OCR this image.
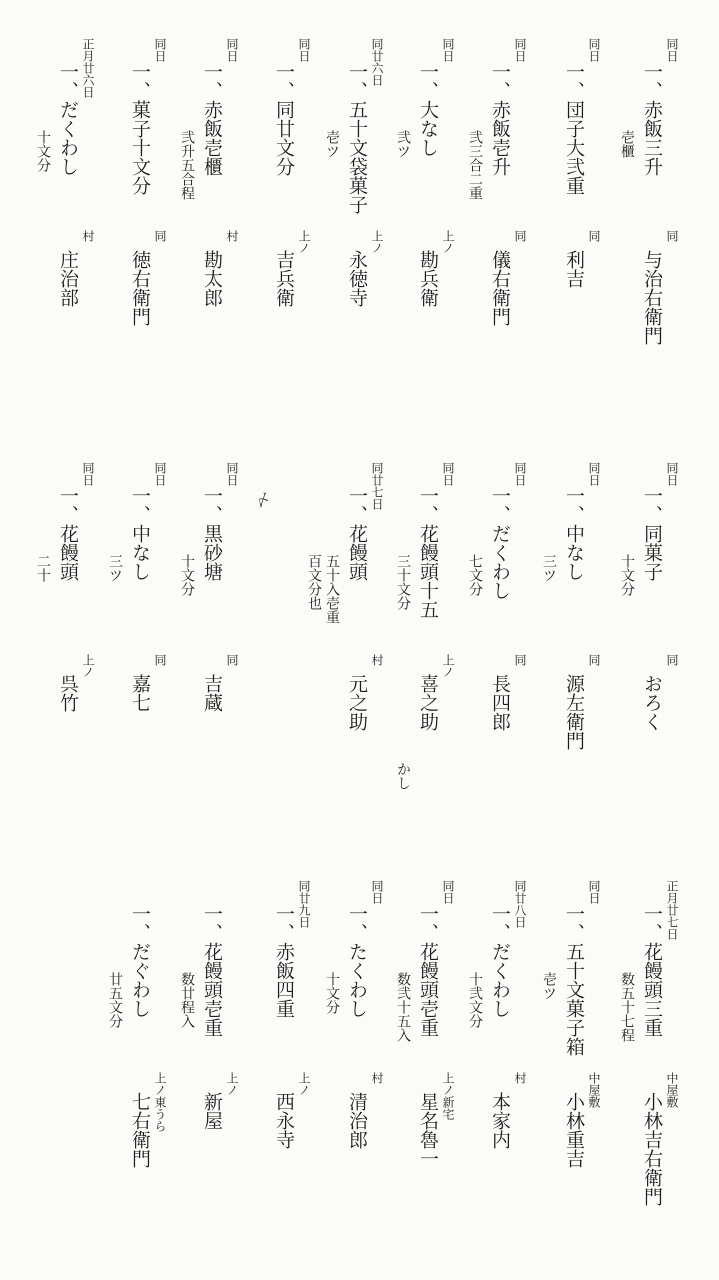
同日
一、赤飯三升
壱櫃
同
与治右衛門
同日
一、団子大弐重
同
利吉
同日
一、赤飯壱升
弐三合二重
同
儀右衛門
同日
一、大なし
弐ツ
上ノ
勘兵衛
同廿六日
一、五十文袋菓子
壱ツ
上ノ
永徳寺
同日
一、同廿文分
上ノ
吉兵衛
同日
一、赤飯壱櫃
弐升五合程
村
勘太郎
同日
一、菓子十文分
同
徳右衛門
正月廿六日
一、だくわし
十文分
村
庄治部
同日
一、同菓子
十文分
同
おろく
同日
一、中なし
三ツ
同
源左衛門
同日
一、だくわし
七文分
同
長四郎
同日
一、花饅頭十五
三十文分
上ノ
喜之助
かし
同廿七日
一、花饅頭
五十入壱重
百文分也
村
元之助
同日
一、黒砂塘
十文分
同
吉蔵
同日
一、中なし
三ツ
同
嘉七
同日
一、花饅頭
二十
上ノ
呉竹
正月廿七日
一、花饅頭三重
数五十七程
中屋敷
小林吉右衛門
同日
一、五十文菓子箱
壱ツ
中屋敷
小林重吉
同廿八日
一、だくわし
十弐文分
村
本家内
同日
一、花饅頭壱重
数弐十五入
上ノ新宅
星名魯一
同日
一、たくわし
十文分
村
清治郎
同廿九日
一、赤飯四重
上ノ
西永寺
一、花饅頭壱重
数廿程入
上ノ
新屋
一、だぐわし
廿五文分
上ノ東うら
七右衛門
〆
